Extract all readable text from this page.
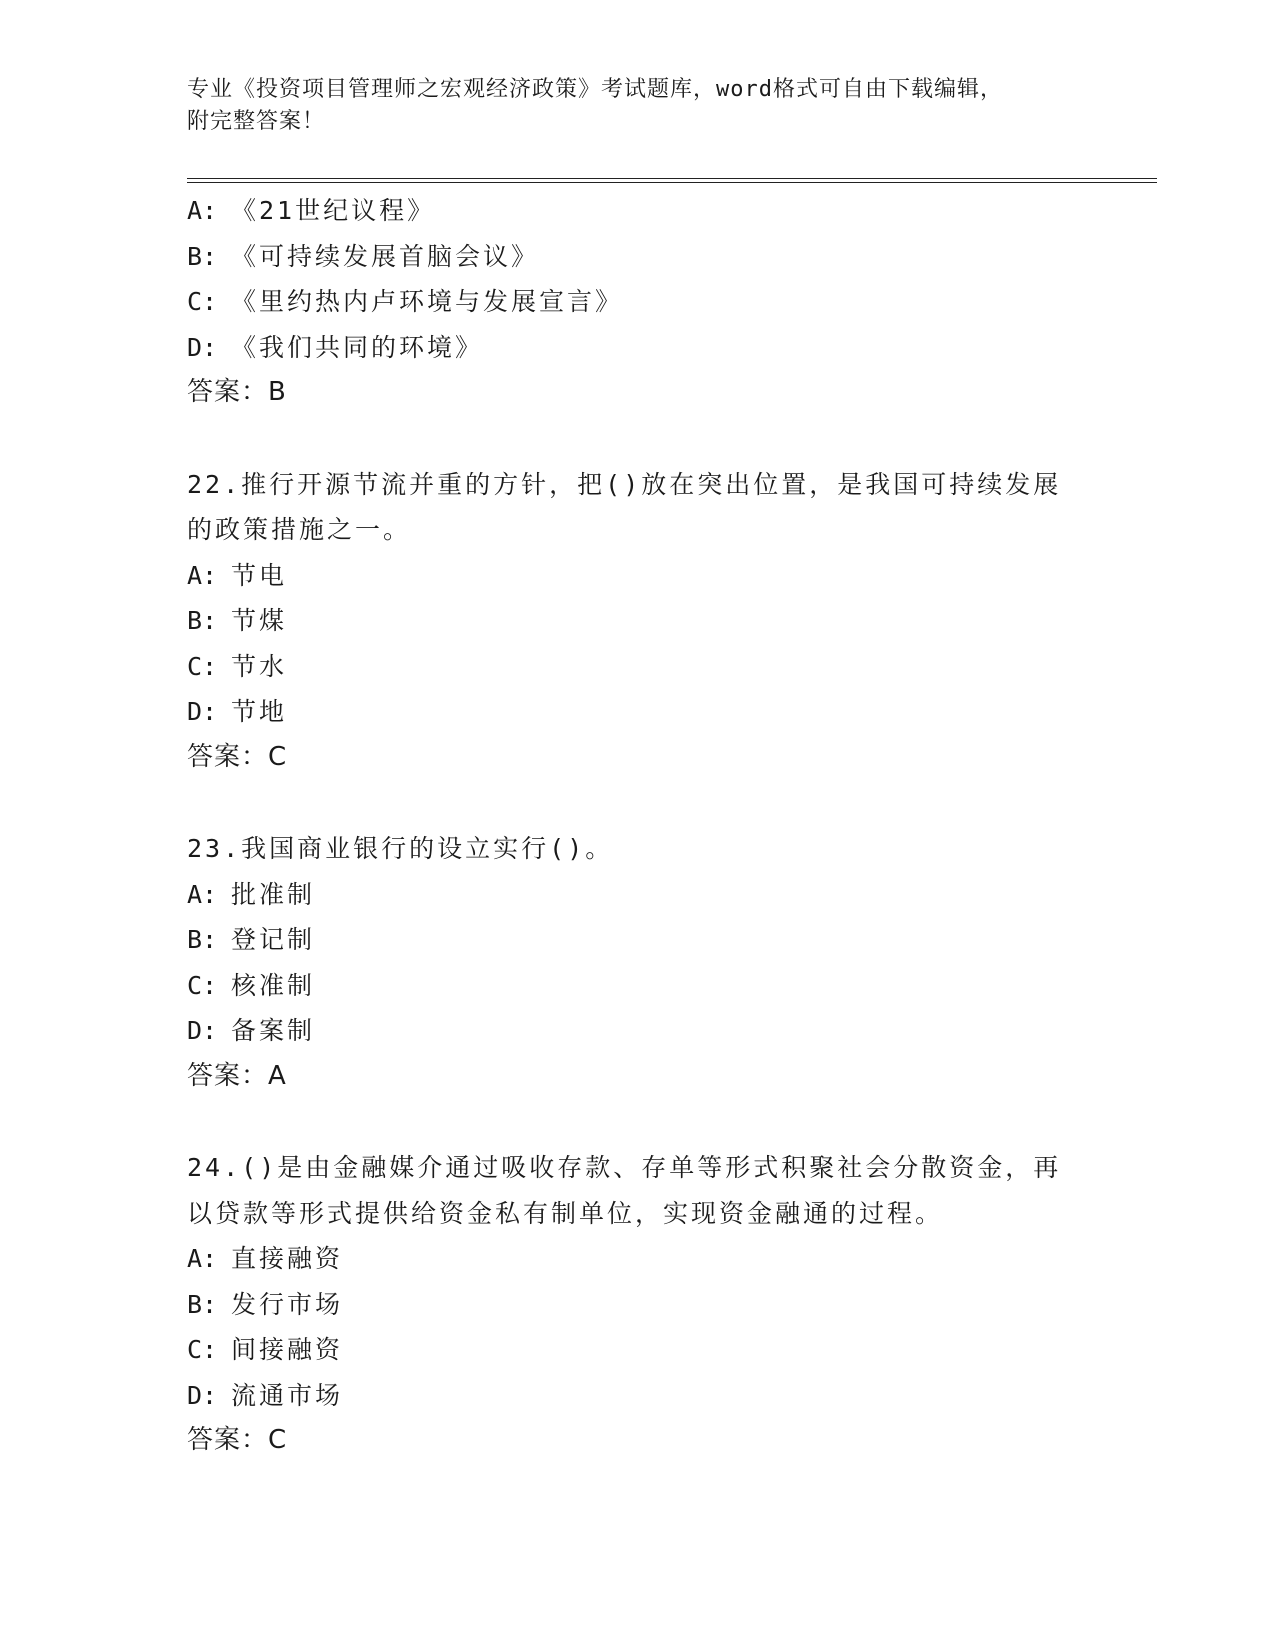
专业《投资项目管理师之宏观经济政策》考试题库，word格式可自由下载编辑，
附完整答案！
A: 《21世纪议程》
B: 《可持续发展首脑会议》
C: 《里约热内卢环境与发展宣言》
D: 《我们共同的环境》
答案：B
22.推行开源节流并重的方针，把()放在突出位置，是我国可持续发展的政策措施之一。
A: 节电
B: 节煤
C: 节水
D: 节地
答案：C
23.我国商业银行的设立实行()。
A: 批准制
B: 登记制
C: 核准制
D: 备案制
答案：A
24.()是由金融媒介通过吸收存款、存单等形式积聚社会分散资金，再以贷款等形式提供给资金私有制单位，实现资金融通的过程。
A: 直接融资
B: 发行市场
C: 间接融资
D: 流通市场
答案：C
